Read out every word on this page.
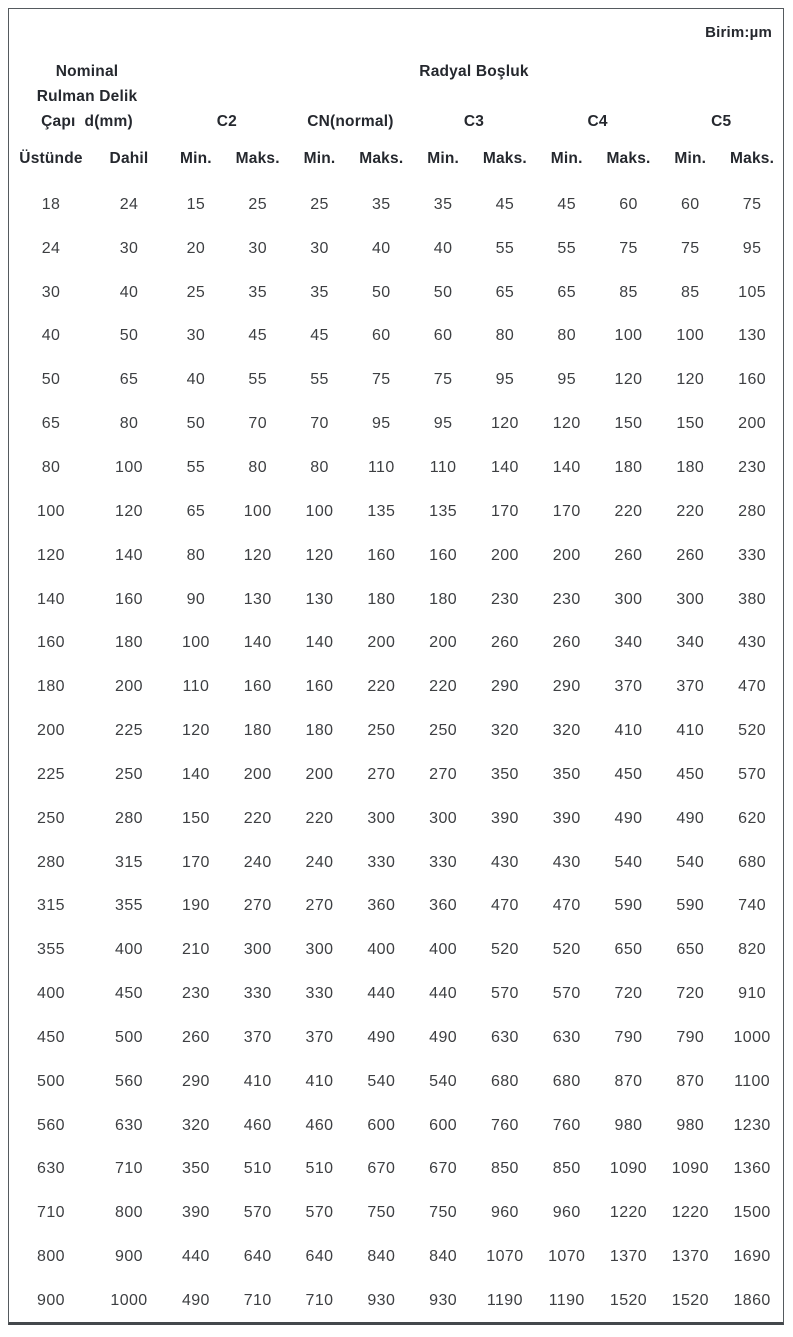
Birim:µm
Nominal		Radyal Boşluk									
Rulman Delik											
Çapı  d(mm)		C2		CN(normal)		C3		C4		C5	
Üstünde	Dahil	Min.	Maks.	Min.	Maks.	Min.	Maks.	Min.	Maks.	Min.	Maks.
18	24	15	25	25	35	35	45	45	60	60	75
24	30	20	30	30	40	40	55	55	75	75	95
30	40	25	35	35	50	50	65	65	85	85	105
40	50	30	45	45	60	60	80	80	100	100	130
50	65	40	55	55	75	75	95	95	120	120	160
65	80	50	70	70	95	95	120	120	150	150	200
80	100	55	80	80	110	110	140	140	180	180	230
100	120	65	100	100	135	135	170	170	220	220	280
120	140	80	120	120	160	160	200	200	260	260	330
140	160	90	130	130	180	180	230	230	300	300	380
160	180	100	140	140	200	200	260	260	340	340	430
180	200	110	160	160	220	220	290	290	370	370	470
200	225	120	180	180	250	250	320	320	410	410	520
225	250	140	200	200	270	270	350	350	450	450	570
250	280	150	220	220	300	300	390	390	490	490	620
280	315	170	240	240	330	330	430	430	540	540	680
315	355	190	270	270	360	360	470	470	590	590	740
355	400	210	300	300	400	400	520	520	650	650	820
400	450	230	330	330	440	440	570	570	720	720	910
450	500	260	370	370	490	490	630	630	790	790	1000
500	560	290	410	410	540	540	680	680	870	870	1100
560	630	320	460	460	600	600	760	760	980	980	1230
630	710	350	510	510	670	670	850	850	1090	1090	1360
710	800	390	570	570	750	750	960	960	1220	1220	1500
800	900	440	640	640	840	840	1070	1070	1370	1370	1690
900	1000	490	710	710	930	930	1190	1190	1520	1520	1860
